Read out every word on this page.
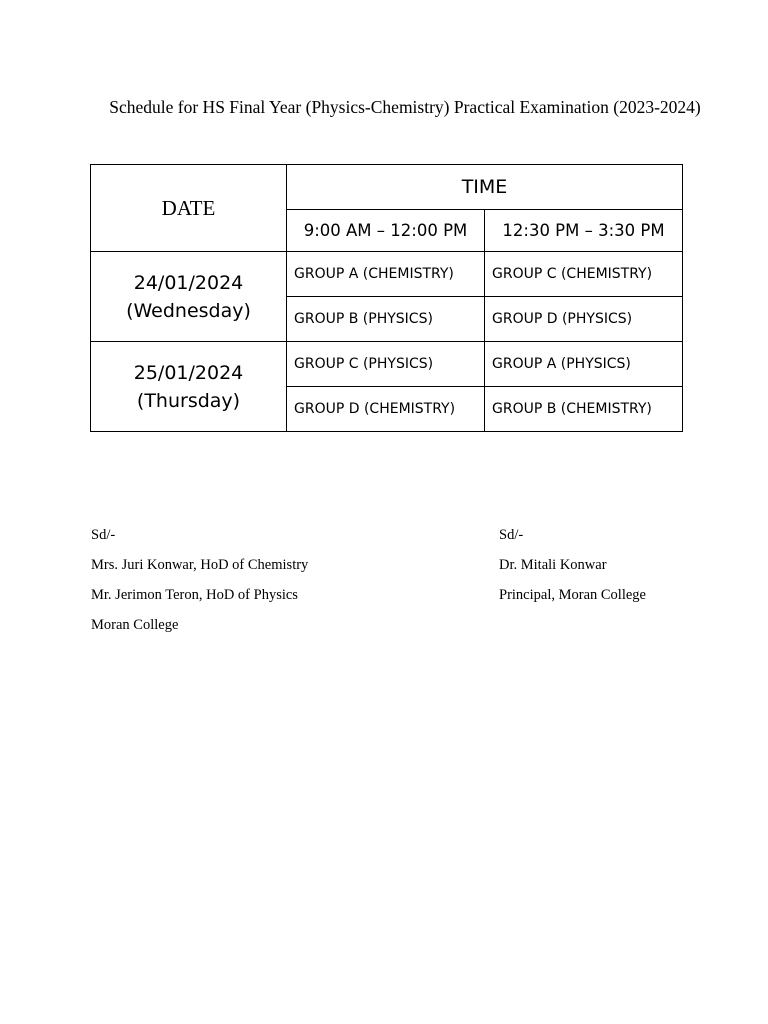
Schedule for HS Final Year (Physics-Chemistry) Practical Examination (2023-2024)
DATE	TIME	
	9:00 AM – 12:00 PM	12:30 PM – 3:30 PM

24/01/2024
(Wednesday)	GROUP A (CHEMISTRY)	GROUP C (CHEMISTRY)
	GROUP B (PHYSICS)	GROUP D (PHYSICS)

25/01/2024
(Thursday)	GROUP C (PHYSICS)	GROUP A (PHYSICS)
	GROUP D (CHEMISTRY)	GROUP B (CHEMISTRY)
Sd/-
Mrs. Juri Konwar, HoD of Chemistry
Mr. Jerimon Teron, HoD of Physics
Moran College
Sd/-
Dr. Mitali Konwar
Principal, Moran College
